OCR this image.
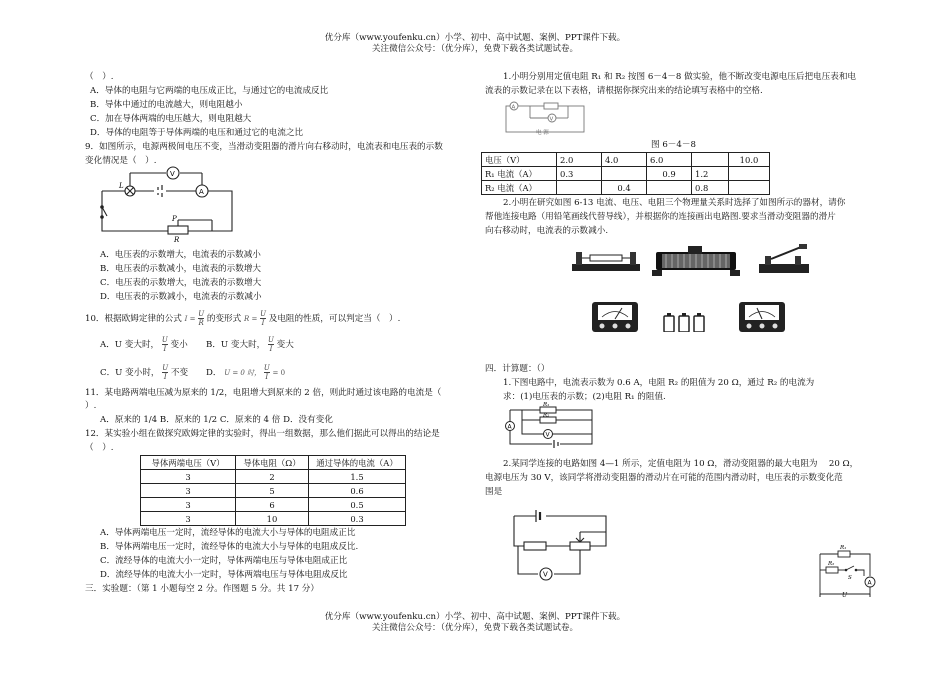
优分库（www.youfenku.cn）小学、初中、高中试题、案例、PPT课件下载。
关注微信公众号：（优分库），免费下载各类试题试卷。
（　）.
A．导体的电阻与它两端的电压成正比，与通过它的电流成反比
B．导体中通过的电流越大，则电阻越小
C．加在导体两端的电压越大，则电阻越大
D．导体的电阻等于导体两端的电压和通过它的电流之比
9．如图所示，电源两极间电压不变，当滑动变阻器的滑片向右移动时，电流表和电压表的示数
变化情况是（　）.
V
A
L
P
R
A．电压表的示数增大，电流表的示数减小
B．电压表的示数减小，电流表的示数增大
C．电压表的示数增大，电流表的示数增大
D．电压表的示数减小，电流表的示数减小
10．根据欧姆定律的公式 $I = \frac{U}{R}$ 的变形式 $R = \frac{U}{I}$ 及电阻的性质，可以判定当（　）.
A．U 变大时， $\frac{U}{I}$ 变小 B．U 变大时， $\frac{U}{I}$ 变大
C．U 变小时， $\frac{U}{I}$ 不变 D． U = 0 时， $\frac{U}{I} = 0$
11．某电路两端电压减为原来的 1/2，电阻增大到原来的 2 倍，则此时通过该电路的电流是（
）.
A．原来的 1/4 B．原来的 1/2 C．原来的 4 倍 D．没有变化
12．某实验小组在做探究欧姆定律的实验时，得出一组数据，那么他们据此可以得出的结论是
（　）.
导体两端电压（V）	导体电阻（Ω）	通过导体的电流（A）
3	2	1.5
3	5	0.6
3	6	0.5
3	10	0.3
A．导体两端电压一定时，流经导体的电流大小与导体的电阻成正比
B．导体两端电压一定时，流经导体的电流大小与导体的电阻成反比.
C．流经导体的电流大小一定时，导体两端电压与导体电阻成正比
D．流经导体的电流大小一定时，导体两端电压与导体电阻成反比
三．实验题：（第 1 小题每空 2 分。作图题 5 分。共 17 分）
1.小明分别用定值电阻 R₁ 和 R₂ 按图 6－4－8 做实验，他不断改变电源电压后把电压表和电
流表的示数记录在以下表格，请根据你探究出来的结论填写表格中的空格.
A
V
电 源
图 6－4－8
电压（V）	2.0	4.0	6.0		10.0
R₁ 电流（A）	0.3		0.9	1.2	
R₂ 电流（A）		0.4		0.8	
2.小明在研究如图 6-13 电流、电压、电阻三个物理量关系时选择了如图所示的器材，请你
帮他连接电路（用铅笔画线代替导线），并根据你的连接画出电路图.要求当滑动变阻器的滑片
向右移动时，电流表的示数减小.
四．计算题：（）
1.下图电路中，电流表示数为 0.6 A，电阻 R₂ 的阻值为 20 Ω，通过 R₂ 的电流为
求：(1)电压表的示数；(2)电阻 R₁ 的阻值.
R₁
R₂
A
V
2.某同学连接的电路如图 4—1 所示，定值电阻为 10 Ω，滑动变阻器的最大电阻为　 20 Ω，
电源电压为 30 V，该同学将滑动变阻器的滑动片在可能的范围内滑动时，电压表的示数变化范
围是
V
R₁
R₂
S
A
U
优分库（www.youfenku.cn）小学、初中、高中试题、案例、PPT课件下载。
关注微信公众号：（优分库），免费下载各类试题试卷。
